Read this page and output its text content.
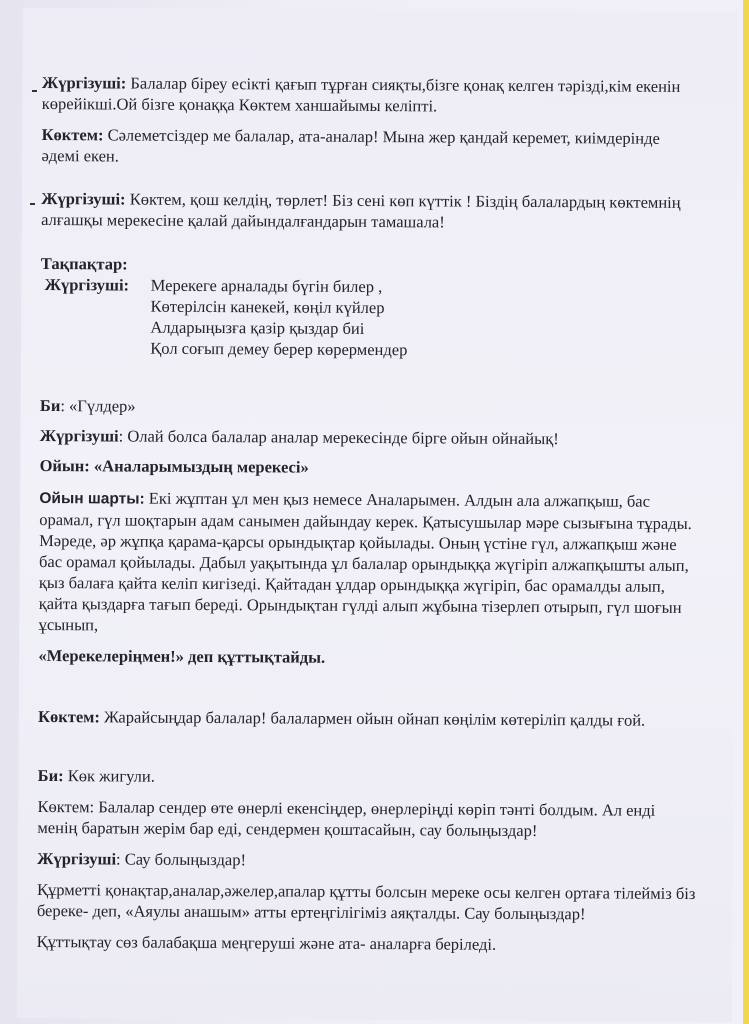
Жүргізуші: Балалар біреу есікті қағып тұрған сияқты,бізге қонақ келген тәрізді,кім екенін көрейікші.Ой бізге қонаққа Көктем ханшайымы келіпті.

Көктем: Сәлеметсіздер ме балалар, ата-аналар! Мына жер қандай керемет, киімдерінде әдемі екен.

Жүргізуші: Көктем, қош келдің, төрлет! Біз сені көп күттік ! Біздің балалардың көктемнің алғашқы мерекесіне қалай дайындалғандарын тамашала!

Тақпақтар:

Жүргізуші: Мерекеге арналады бүгін билер ,

Көтерілсін канекей, көңіл күйлер

Алдарыңызға қазір қыздар биі

Қол соғып демеу берер көрермендер

Би: «Гүлдер»

Жүргізуші: Олай болса балалар аналар мерекесінде бірге ойын ойнайық!

Ойын: «Аналарымыздың мерекесі»

Ойын шарты: Екі жұптан ұл мен қыз немесе Аналарымен. Алдын ала алжапқыш, бас орамал, гүл шоқтарын адам санымен дайындау керек. Қатысушылар мәре сызығына тұрады. Мәреде, әр жұпқа қарама-қарсы орындықтар қойылады. Оның үстіне гүл, алжапқыш және бас орамал қойылады. Дабыл уақытында ұл балалар орындыққа жүгіріп алжапқышты алып, қыз балаға қайта келіп кигізеді. Қайтадан ұлдар орындыққа жүгіріп, бас орамалды алып, қайта қыздарға тағып береді. Орындықтан гүлді алып жұбына тізерлеп отырып, гүл шоғын ұсынып,

«Мерекелеріңмен!» деп құттықтайды.

Көктем: Жарайсыңдар балалар! балалармен ойын ойнап көңілім көтеріліп қалды ғой.

Би: Көк жигули.

Көктем: Балалар сендер өте өнерлі екенсіңдер, өнерлеріңді көріп тәнті болдым. Ал енді менің баратын жерім бар еді, сендермен қоштасайын, сау болыңыздар!

Жүргізуші: Сау болыңыздар!

Құрметті қонақтар,аналар,әжелер,апалар құтты болсын мереке осы келген ортаға тілейміз біз береке- деп, «Аяулы анашым» атты ертеңгілігіміз аяқталды. Сау болыңыздар!

Құттықтау сөз балабақша меңгеруші және ата- аналарға беріледі.
